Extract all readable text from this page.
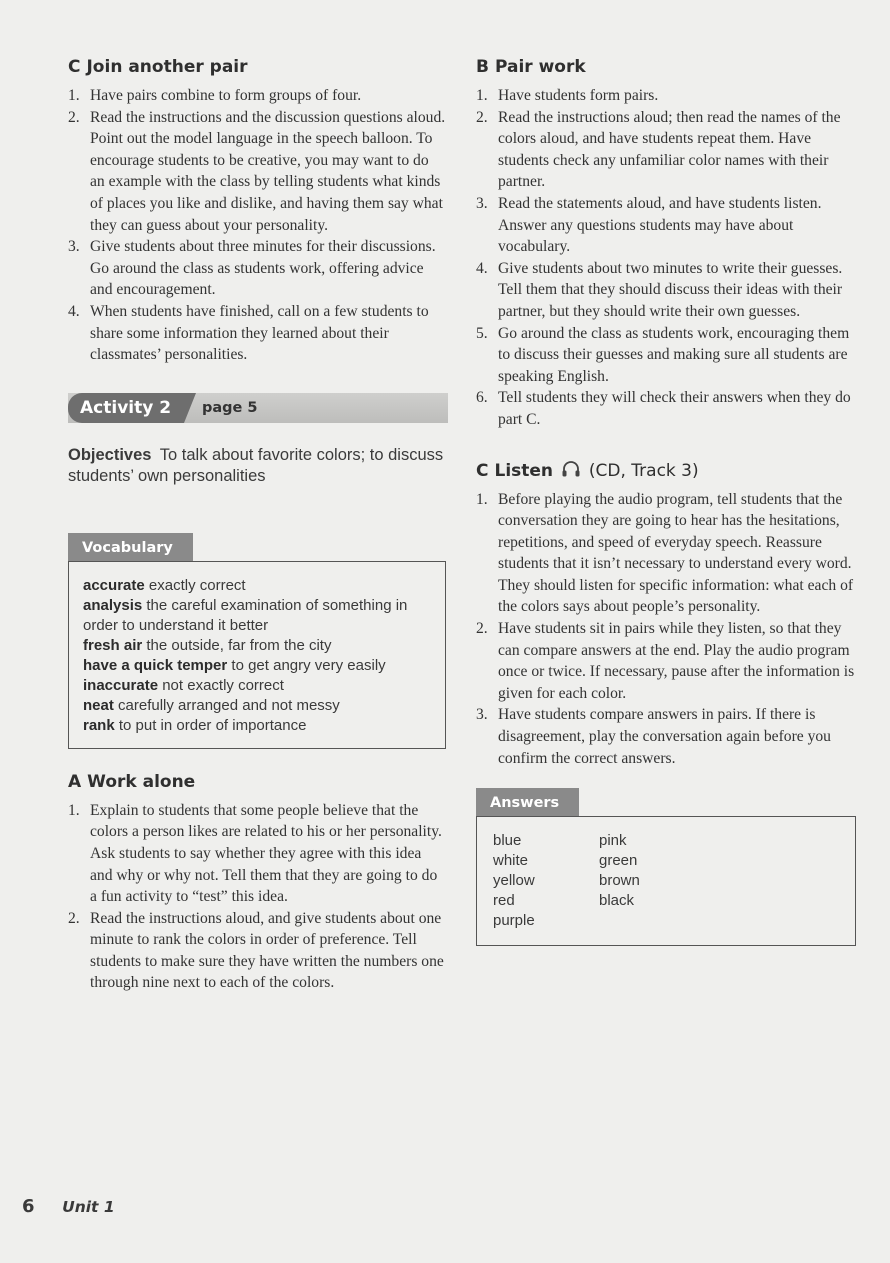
C Join another pair
1. Have pairs combine to form groups of four.
2. Read the instructions and the discussion questions aloud. Point out the model language in the speech balloon. To encourage students to be creative, you may want to do an example with the class by telling students what kinds of places you like and dislike, and having them say what they can guess about your personality.
3. Give students about three minutes for their discussions. Go around the class as students work, offering advice and encouragement.
4. When students have finished, call on a few students to share some information they learned about their classmates’ personalities.
Activity 2	page 5
Objectives To talk about favorite colors; to discuss students’ own personalities
Vocabulary
accurate exactly correct
analysis the careful examination of something in order to understand it better
fresh air the outside, far from the city
have a quick temper to get angry very easily
inaccurate not exactly correct
neat carefully arranged and not messy
rank to put in order of importance
A Work alone
1. Explain to students that some people believe that the colors a person likes are related to his or her personality. Ask students to say whether they agree with this idea and why or why not. Tell them that they are going to do a fun activity to “test” this idea.
2. Read the instructions aloud, and give students about one minute to rank the colors in order of preference. Tell students to make sure they have written the numbers one through nine next to each of the colors.
B Pair work
1. Have students form pairs.
2. Read the instructions aloud; then read the names of the colors aloud, and have students repeat them. Have students check any unfamiliar color names with their partner.
3. Read the statements aloud, and have students listen. Answer any questions students may have about vocabulary.
4. Give students about two minutes to write their guesses. Tell them that they should discuss their ideas with their partner, but they should write their own guesses.
5. Go around the class as students work, encouraging them to discuss their guesses and making sure all students are speaking English.
6. Tell students they will check their answers when they do part C.
C Listen (CD, Track 3)
1. Before playing the audio program, tell students that the conversation they are going to hear has the hesitations, repetitions, and speed of everyday speech. Reassure students that it isn’t necessary to understand every word. They should listen for specific information: what each of the colors says about people’s personality.
2. Have students sit in pairs while they listen, so that they can compare answers at the end. Play the audio program once or twice. If necessary, pause after the information is given for each color.
3. Have students compare answers in pairs. If there is disagreement, play the conversation again before you confirm the correct answers.
Answers
blue	pink
white	green
yellow	brown
red	black
purple
6 Unit 1
